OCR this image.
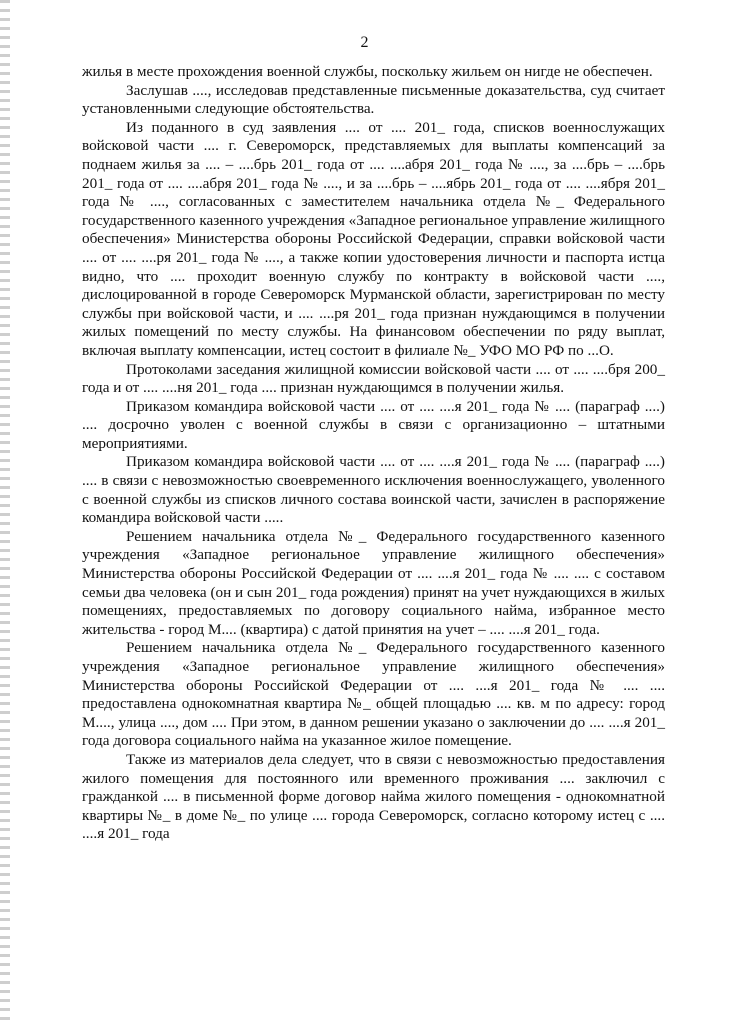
2

жилья в месте прохождения военной службы, поскольку жильем он нигде не обеспечен.

Заслушав ...., исследовав представленные письменные доказательства, суд считает установленными следующие обстоятельства.

Из поданного в суд заявления .... от .... 201_ года, списков военнослужащих войсковой части .... г. Североморск, представляемых для выплаты компенсаций за поднаем жилья за .... – ....брь 201_ года от .... ....абря 201_ года № ...., за ....брь – ....брь 201_ года от .... ....абря 201_ года № ...., и за ....брь – ....ябрь 201_ года от .... ....ября 201_ года № ...., согласованных с заместителем начальника отдела №_ Федерального государственного казенного учреждения «Западное региональное управление жилищного обеспечения» Министерства обороны Российской Федерации, справки войсковой части .... от .... ....ря 201_ года № ...., а также копии удостоверения личности и паспорта истца видно, что .... проходит военную службу по контракту в войсковой части ...., дислоцированной в городе Североморск Мурманской области, зарегистрирован по месту службы при войсковой части, и .... ....ря 201_ года признан нуждающимся в получении жилых помещений по месту службы. На финансовом обеспечении по ряду выплат, включая выплату компенсации, истец состоит в филиале №_ УФО МО РФ по ...О.

Протоколами заседания жилищной комиссии войсковой части .... от .... ....бря 200_ года и от .... ....ня 201_ года .... признан нуждающимся в получении жилья.

Приказом командира войсковой части .... от .... ....я 201_ года № .... (параграф ....) .... досрочно уволен с военной службы в связи с организационно – штатными мероприятиями.

Приказом командира войсковой части .... от .... ....я 201_ года № .... (параграф ....) .... в связи с невозможностью своевременного исключения военнослужащего, уволенного с военной службы из списков личного состава воинской части, зачислен в распоряжение командира войсковой части .....

Решением начальника отдела №_ Федерального государственного казенного учреждения «Западное региональное управление жилищного обеспечения» Министерства обороны Российской Федерации от .... ....я 201_ года № .... .... с составом семьи два человека (он и сын 201_ года рождения) принят на учет нуждающихся в жилых помещениях, предоставляемых по договору социального найма, избранное место жительства - город М.... (квартира) с датой принятия на учет – .... ....я 201_ года.

Решением начальника отдела №_ Федерального государственного казенного учреждения «Западное региональное управление жилищного обеспечения» Министерства обороны Российской Федерации от .... ....я 201_ года № .... .... предоставлена однокомнатная квартира №_ общей площадью .... кв. м по адресу: город М...., улица ...., дом .... При этом, в данном решении указано о заключении до .... ....я 201_ года договора социального найма на указанное жилое помещение.

Также из материалов дела следует, что в связи с невозможностью предоставления жилого помещения для постоянного или временного проживания .... заключил с гражданкой .... в письменной форме договор найма жилого помещения - однокомнатной квартиры №_ в доме №_ по улице .... города Североморск, согласно которому истец с .... ....я 201_ года
